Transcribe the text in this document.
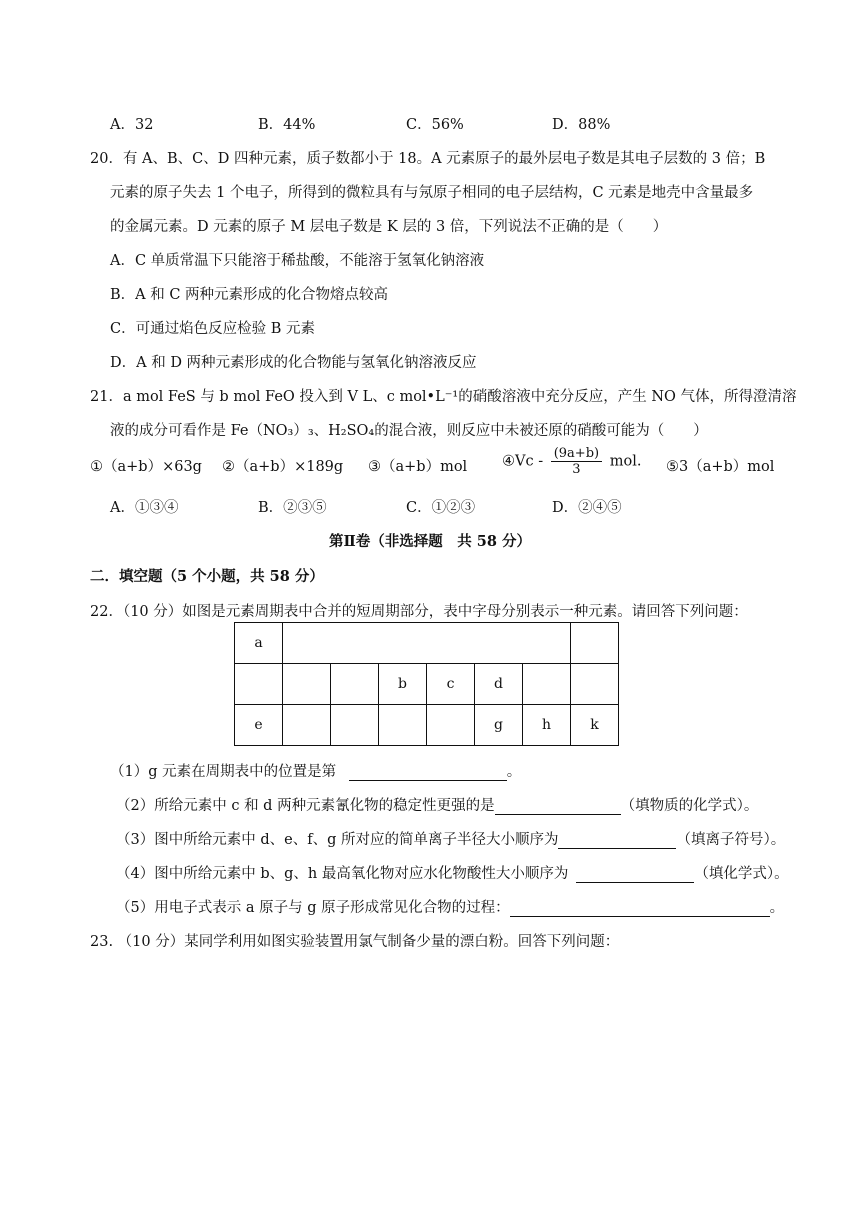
A．32	B．44%	C．56%	D．88%
20．有 A、B、C、D 四种元素，质子数都小于 18。A 元素原子的最外层电子数是其电子层数的 3 倍；B
元素的原子失去 1 个电子，所得到的微粒具有与氖原子相同的电子层结构，C 元素是地壳中含量最多
的金属元素。D 元素的原子 M 层电子数是 K 层的 3 倍，下列说法不正确的是（　　）
A．C 单质常温下只能溶于稀盐酸，不能溶于氢氧化钠溶液
B．A 和 C 两种元素形成的化合物熔点较高
C．可通过焰色反应检验 B 元素
D．A 和 D 两种元素形成的化合物能与氢氧化钠溶液反应
21．a mol FeS 与 b mol FeO 投入到 V L、c mol•L⁻¹的硝酸溶液中充分反应，产生 NO 气体，所得澄清溶
液的成分可看作是 Fe（NO₃）₃、H₂SO₄的混合液，则反应中未被还原的硝酸可能为（　　）
①（a+b）×63g ②（a+b）×189g ③（a+b）mol ④Vc - $\frac{(9a+b)}{3}$ mol. ⑤3（a+b）mol
A．①③④	B．②③⑤	C．①②③	D．②④⑤
第Ⅱ卷（非选择题　共 58 分）
二．填空题（5 个小题，共 58 分）
22．（10 分）如图是元素周期表中合并的短周期部分，表中字母分别表示一种元素。请回答下列问题：
a							
			b	c	d		
e					g	h	k
（1）g 元素在周期表中的位置是第	。
（2）所给元素中 c 和 d 两种元素氰化物的稳定性更强的是	（填物质的化学式）。
（3）图中所给元素中 d、e、f、g 所对应的简单离子半径大小顺序为	（填离子符号）。
（4）图中所给元素中 b、g、h 最高氧化物对应水化物酸性大小顺序为	（填化学式）。
（5）用电子式表示 a 原子与 g 原子形成常见化合物的过程：	。
23. （10 分）某同学利用如图实验装置用氯气制备少量的漂白粉。回答下列问题：
